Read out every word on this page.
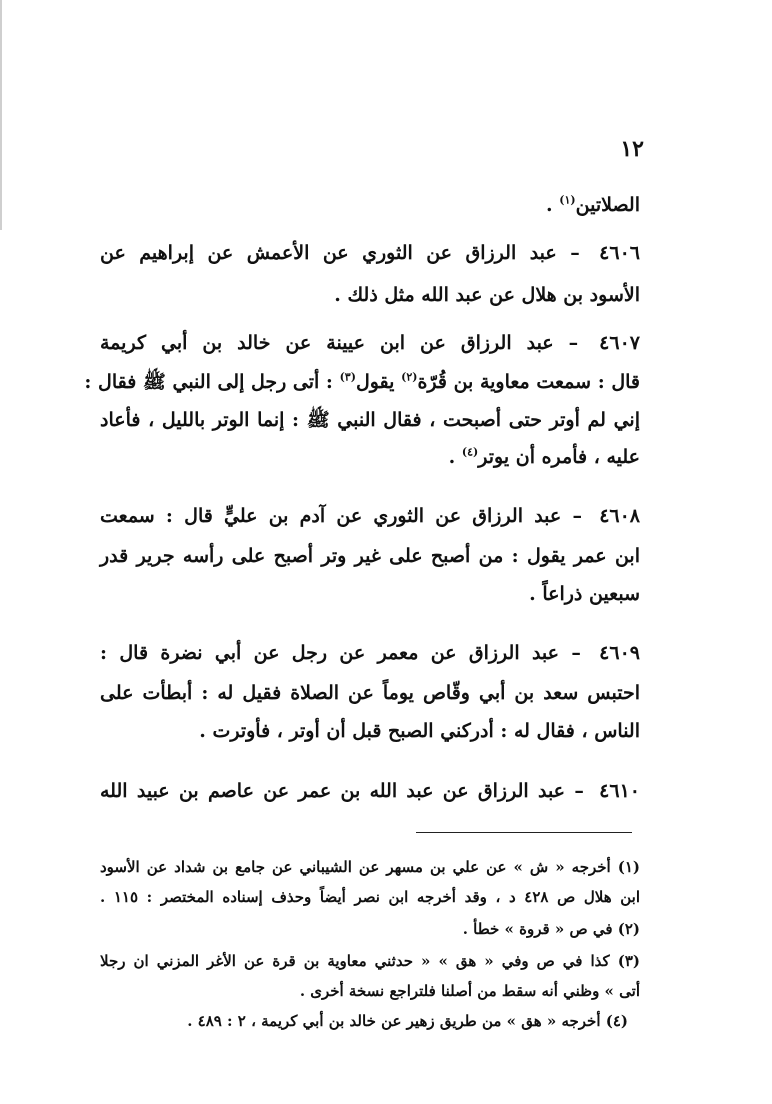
١٢
الصلاتين$^{(١)}$ .
٤٦٠٦ – عبد الرزاق عن الثوري عن الأعمش عن إبراهيم عن
الأسود بن هلال عن عبد الله مثل ذلك .
٤٦٠٧ – عبد الرزاق عن ابن عيينة عن خالد بن أبي كريمة
قال : سمعت معاوية بن قُرّة$^{(٢)}$ يقول$^{(٣)}$ : أتى رجل إلى النبي ﷺ فقال :
إني لم أوتر حتى أصبحت ، فقال النبي ﷺ : إنما الوتر بالليل ، فأعاد
عليه ، فأمره أن يوتر$^{(٤)}$ .
٤٦٠٨ – عبد الرزاق عن الثوري عن آدم بن عليٍّ قال : سمعت
ابن عمر يقول : من أصبح على غير وتر أصبح على رأسه جرير قدر
سبعين ذراعاً .
٤٦٠٩ – عبد الرزاق عن معمر عن رجل عن أبي نضرة قال :
احتبس سعد بن أبي وقّاص يوماً عن الصلاة فقيل له : أبطأت على
الناس ، فقال له : أدركني الصبح قبل أن أوتر ، فأوترت .
٤٦١٠ – عبد الرزاق عن عبد الله بن عمر عن عاصم بن عبيد الله
(١) أخرجه « ش » عن علي بن مسهر عن الشيباني عن جامع بن شداد عن الأسود
ابن هلال ص ٤٢٨ د ، وقد أخرجه ابن نصر أيضاً وحذف إسناده المختصر : ١١٥ .
(٢) في ص « قروة » خطأ .
(٣) كذا في ص وفي « هق » « حدثني معاوية بن قرة عن الأغر المزني ان رجلا
أتى » وظني أنه سقط من أصلنا فلتراجع نسخة أخرى .
(٤) أخرجه « هق » من طريق زهير عن خالد بن أبي كريمة ، ٢ : ٤٨٩ .
